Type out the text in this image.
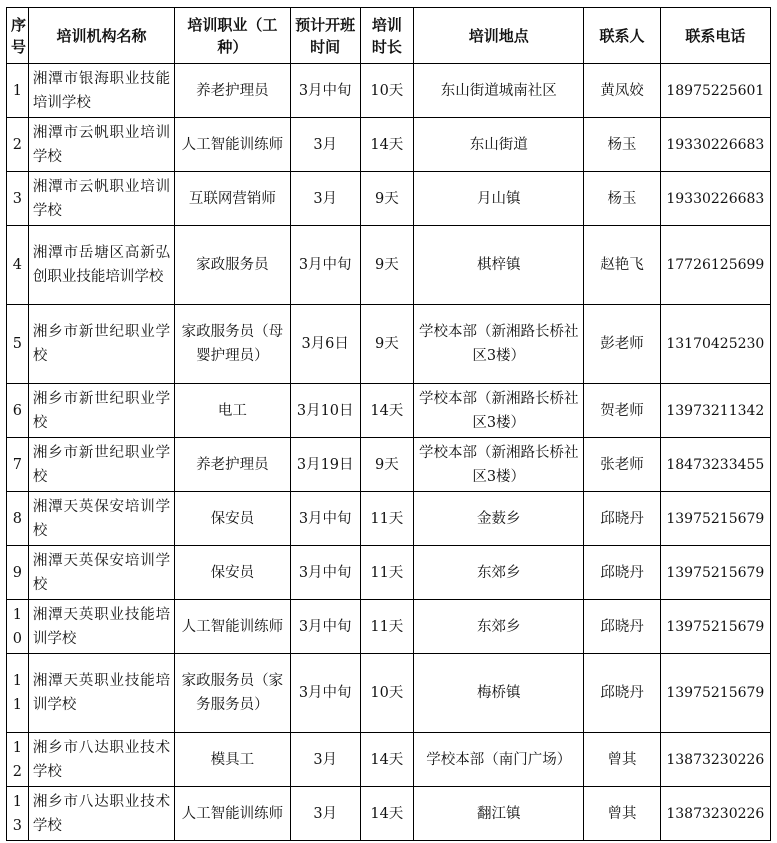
序号	培训机构名称	培训职业（工种）	预计开班时间	培训时长	培训地点	联系人	联系电话
1	湘潭市银海职业技能培训学校	养老护理员	3月中旬	10天	东山街道城南社区	黄凤姣	18975225601
2	湘潭市云帆职业培训学校	人工智能训练师	3月	14天	东山街道	杨玉	19330226683
3	湘潭市云帆职业培训学校	互联网营销师	3月	9天	月山镇	杨玉	19330226683
4	湘潭市岳塘区高新弘创职业技能培训学校	家政服务员	3月中旬	9天	棋梓镇	赵艳飞	17726125699
5	湘乡市新世纪职业学校	家政服务员（母婴护理员）	3月6日	9天	学校本部（新湘路长桥社区3楼）	彭老师	13170425230
6	湘乡市新世纪职业学校	电工	3月10日	14天	学校本部（新湘路长桥社区3楼）	贺老师	13973211342
7	湘乡市新世纪职业学校	养老护理员	3月19日	9天	学校本部（新湘路长桥社区3楼）	张老师	18473233455
8	湘潭天英保安培训学校	保安员	3月中旬	11天	金薮乡	邱晓丹	13975215679
9	湘潭天英保安培训学校	保安员	3月中旬	11天	东郊乡	邱晓丹	13975215679
10	湘潭天英职业技能培训学校	人工智能训练师	3月中旬	11天	东郊乡	邱晓丹	13975215679
11	湘潭天英职业技能培训学校	家政服务员（家务服务员）	3月中旬	10天	梅桥镇	邱晓丹	13975215679
12	湘乡市八达职业技术学校	模具工	3月	14天	学校本部（南门广场）	曾其	13873230226
13	湘乡市八达职业技术学校	人工智能训练师	3月	14天	翻江镇	曾其	13873230226
